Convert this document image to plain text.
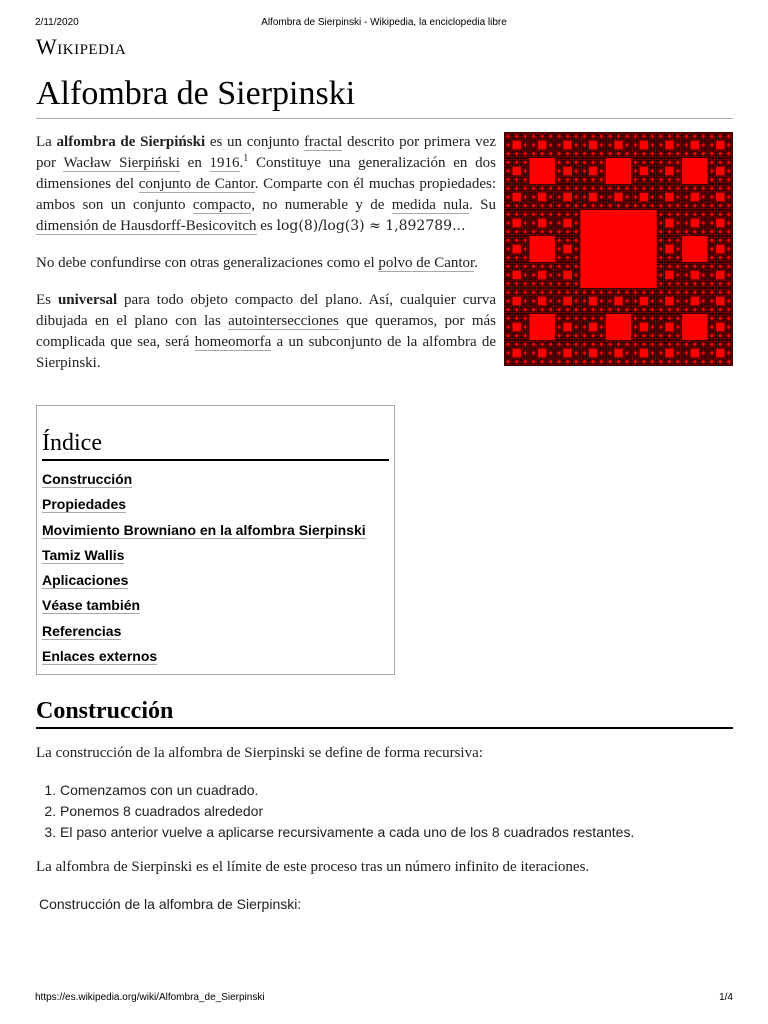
2/11/2020	Alfombra de Sierpinski - Wikipedia, la enciclopedia libre
Wikipedia
Alfombra de Sierpinski

La alfombra de Sierpiński es un conjunto fractal descrito por primera vez por Wacław Sierpiński en 1916.$^1$ Constituye una generalización en dos dimensiones del conjunto de Cantor. Comparte con él muchas propiedades: ambos son un conjunto compacto, no numerable y de medida nula. Su dimensión de Hausdorff-Besicovitch es log(8)/log(3) ≈ 1,892789...

No debe confundirse con otras generalizaciones como el polvo de Cantor.

Es universal para todo objeto compacto del plano. Así, cualquier curva dibujada en el plano con las autointersecciones que queramos, por más complicada que sea, será homeomorfa a un subconjunto de la alfombra de Sierpinski.

Índice
Construcción
Propiedades
Movimiento Browniano en la alfombra Sierpinski
Tamiz Wallis
Aplicaciones
Véase también
Referencias
Enlaces externos
Construcción

La construcción de la alfombra de Sierpinski se define de forma recursiva:

1. Comenzamos con un cuadrado.
2. Ponemos 8 cuadrados alrededor
3. El paso anterior vuelve a aplicarse recursivamente a cada uno de los 8 cuadrados restantes.

La alfombra de Sierpinski es el límite de este proceso tras un número infinito de iteraciones.

Construcción de la alfombra de Sierpinski:
https://es.wikipedia.org/wiki/Alfombra_de_Sierpinski	1/4
